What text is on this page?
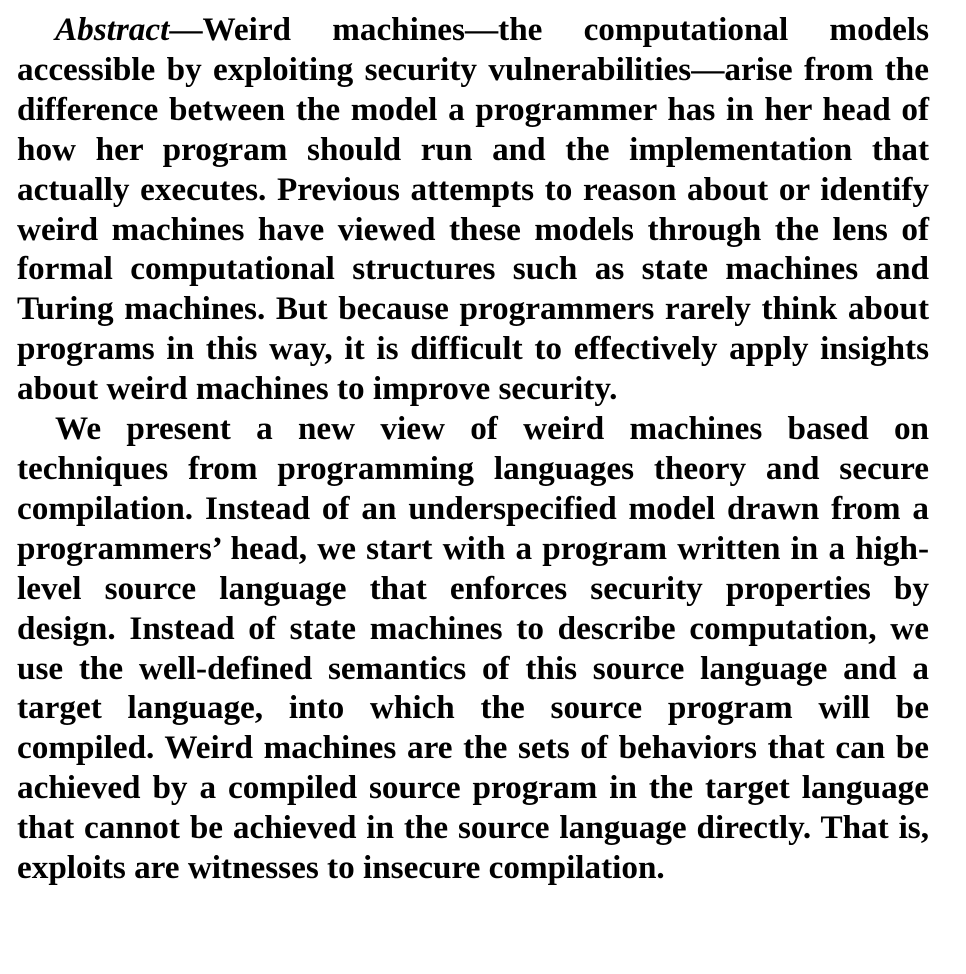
Abstract—Weird machines—the computational models accessible by exploiting security vulnerabilities—arise from the difference between the model a programmer has in her head of how her program should run and the implementation that actually executes. Previous attempts to reason about or identify weird machines have viewed these models through the lens of formal computational structures such as state machines and Turing machines. But because programmers rarely think about programs in this way, it is difficult to effectively apply insights about weird machines to improve security.

We present a new view of weird machines based on techniques from programming languages theory and secure compilation. Instead of an underspecified model drawn from a programmers’ head, we start with a program written in a high-level source language that enforces security properties by design. Instead of state machines to describe computation, we use the well-defined semantics of this source language and a target language, into which the source program will be compiled. Weird machines are the sets of behaviors that can be achieved by a compiled source program in the target language that cannot be achieved in the source language directly. That is, exploits are witnesses to insecure compilation.
